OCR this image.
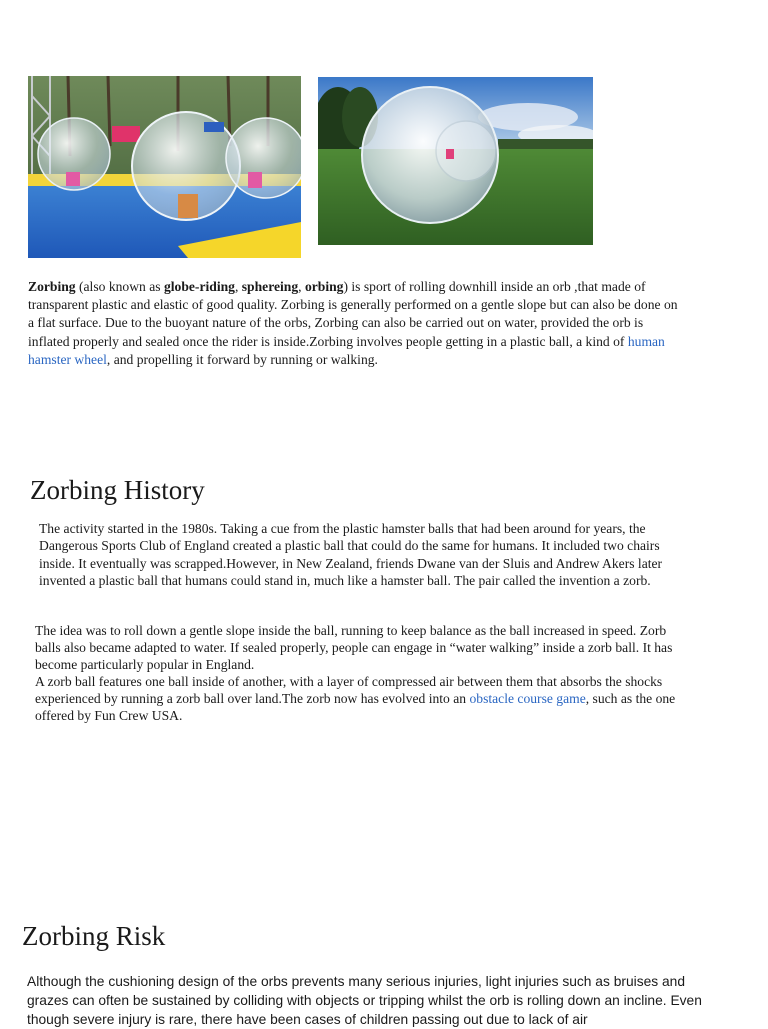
Zorbing (also known as globe-riding, sphereing, orbing) is sport of rolling downhill inside an orb ,that made of transparent plastic and elastic of good quality. Zorbing is generally performed on a gentle slope but can also be done on a flat surface. Due to the buoyant nature of the orbs, Zorbing can also be carried out on water, provided the orb is inflated properly and sealed once the rider is inside.Zorbing involves people getting in a plastic ball, a kind of human hamster wheel, and propelling it forward by running or walking.

Zorbing History

The activity started in the 1980s. Taking a cue from the plastic hamster balls that had been around for years, the Dangerous Sports Club of England created a plastic ball that could do the same for humans. It included two chairs inside. It eventually was scrapped.However, in New Zealand, friends Dwane van der Sluis and Andrew Akers later invented a plastic ball that humans could stand in, much like a hamster ball. The pair called the invention a zorb.

The idea was to roll down a gentle slope inside the ball, running to keep balance as the ball increased in speed. Zorb balls also became adapted to water. If sealed properly, people can engage in “water walking” inside a zorb ball. It has become particularly popular in England.
A zorb ball features one ball inside of another, with a layer of compressed air between them that absorbs the shocks experienced by running a zorb ball over land.The zorb now has evolved into an obstacle course game, such as the one offered by Fun Crew USA.

Zorbing Risk

Although the cushioning design of the orbs prevents many serious injuries, light injuries such as bruises and grazes can often be sustained by colliding with objects or tripping whilst the orb is rolling down an incline. Even though severe injury is rare, there have been cases of children passing out due to lack of air
